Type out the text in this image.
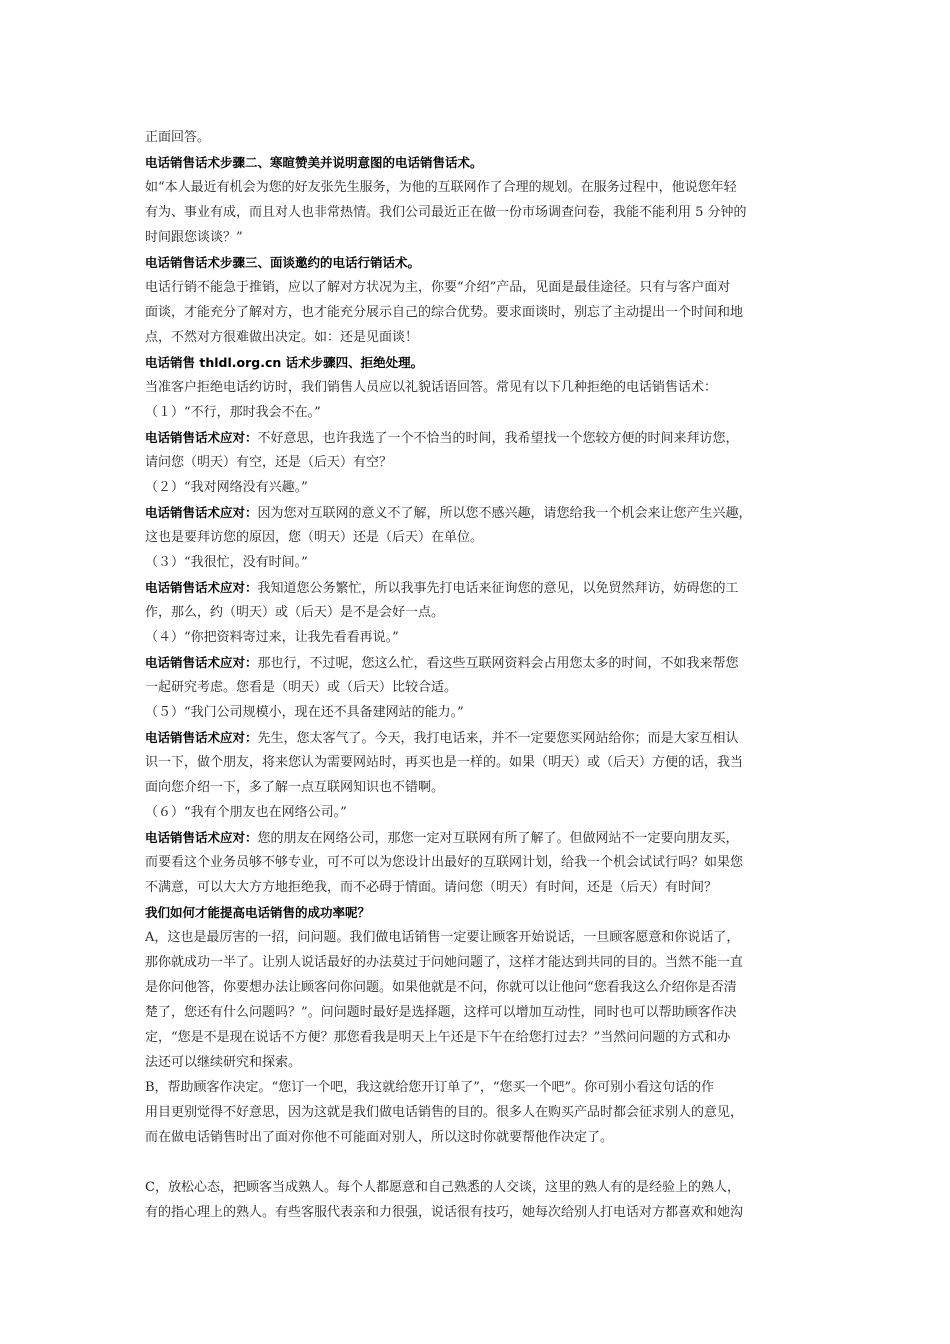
正面回答。
电话销售话术步骤二、寒暄赞美并说明意图的电话销售话术。
如“本人最近有机会为您的好友张先生服务，为他的互联网作了合理的规划。在服务过程中，他说您年轻
有为、事业有成，而且对人也非常热情。我们公司最近正在做一份市场调查问卷，我能不能利用 5 分钟的
时间跟您谈谈？”
电话销售话术步骤三、面谈邀约的电话行销话术。
电话行销不能急于推销，应以了解对方状况为主，你要“介绍”产品，见面是最佳途径。只有与客户面对
面谈，才能充分了解对方，也才能充分展示自己的综合优势。要求面谈时，别忘了主动提出一个时间和地
点，不然对方很难做出决定。如：还是见面谈！
电话销售 thldl.org.cn 话术步骤四、拒绝处理。
当准客户拒绝电话约访时，我们销售人员应以礼貌话语回答。常见有以下几种拒绝的电话销售话术：
（１）“不行，那时我会不在。”
电话销售话术应对：不好意思，也许我选了一个不恰当的时间，我希望找一个您较方便的时间来拜访您，
请问您（明天）有空，还是（后天）有空？
（２）“我对网络没有兴趣。”
电话销售话术应对：因为您对互联网的意义不了解，所以您不感兴趣，请您给我一个机会来让您产生兴趣，
这也是要拜访您的原因，您（明天）还是（后天）在单位。
（３）“我很忙，没有时间。”
电话销售话术应对：我知道您公务繁忙，所以我事先打电话来征询您的意见，以免贸然拜访，妨碍您的工
作，那么，约（明天）或（后天）是不是会好一点。
（４）“你把资料寄过来，让我先看看再说。”
电话销售话术应对：那也行，不过呢，您这么忙，看这些互联网资料会占用您太多的时间，不如我来帮您
一起研究考虑。您看是（明天）或（后天）比较合适。
（５）“我门公司规模小，现在还不具备建网站的能力。”
电话销售话术应对：先生，您太客气了。今天，我打电话来，并不一定要您买网站给你；而是大家互相认
识一下，做个朋友，将来您认为需要网站时，再买也是一样的。如果（明天）或（后天）方便的话，我当
面向您介绍一下，多了解一点互联网知识也不错啊。
（６）“我有个朋友也在网络公司。”
电话销售话术应对：您的朋友在网络公司，那您一定对互联网有所了解了。但做网站不一定要向朋友买，
而要看这个业务员够不够专业，可不可以为您设计出最好的互联网计划，给我一个机会试试行吗？如果您
不满意，可以大大方方地拒绝我，而不必碍于情面。请问您（明天）有时间，还是（后天）有时间？
我们如何才能提高电话销售的成功率呢？
A，这也是最厉害的一招，问问题。我们做电话销售一定要让顾客开始说话，一旦顾客愿意和你说话了，
那你就成功一半了。让别人说话最好的办法莫过于问她问题了，这样才能达到共同的目的。当然不能一直
是你问他答，你要想办法让顾客问你问题。如果他就是不问，你就可以让他问“您看我这么介绍你是否清
楚了，您还有什么问题吗？”。问问题时最好是选择题，这样可以增加互动性，同时也可以帮助顾客作决
定，“您是不是现在说话不方便？那您看我是明天上午还是下午在给您打过去？”当然问问题的方式和办
法还可以继续研究和探索。
B，帮助顾客作决定。“您订一个吧，我这就给您开订单了”，“您买一个吧”。你可别小看这句话的作
用目更别觉得不好意思，因为这就是我们做电话销售的目的。很多人在购买产品时都会征求别人的意见，
而在做电话销售时出了面对你他不可能面对别人，所以这时你就要帮他作决定了。
C，放松心态，把顾客当成熟人。每个人都愿意和自己熟悉的人交谈，这里的熟人有的是经验上的熟人，
有的指心理上的熟人。有些客服代表亲和力很强，说话很有技巧，她每次给别人打电话对方都喜欢和她沟
